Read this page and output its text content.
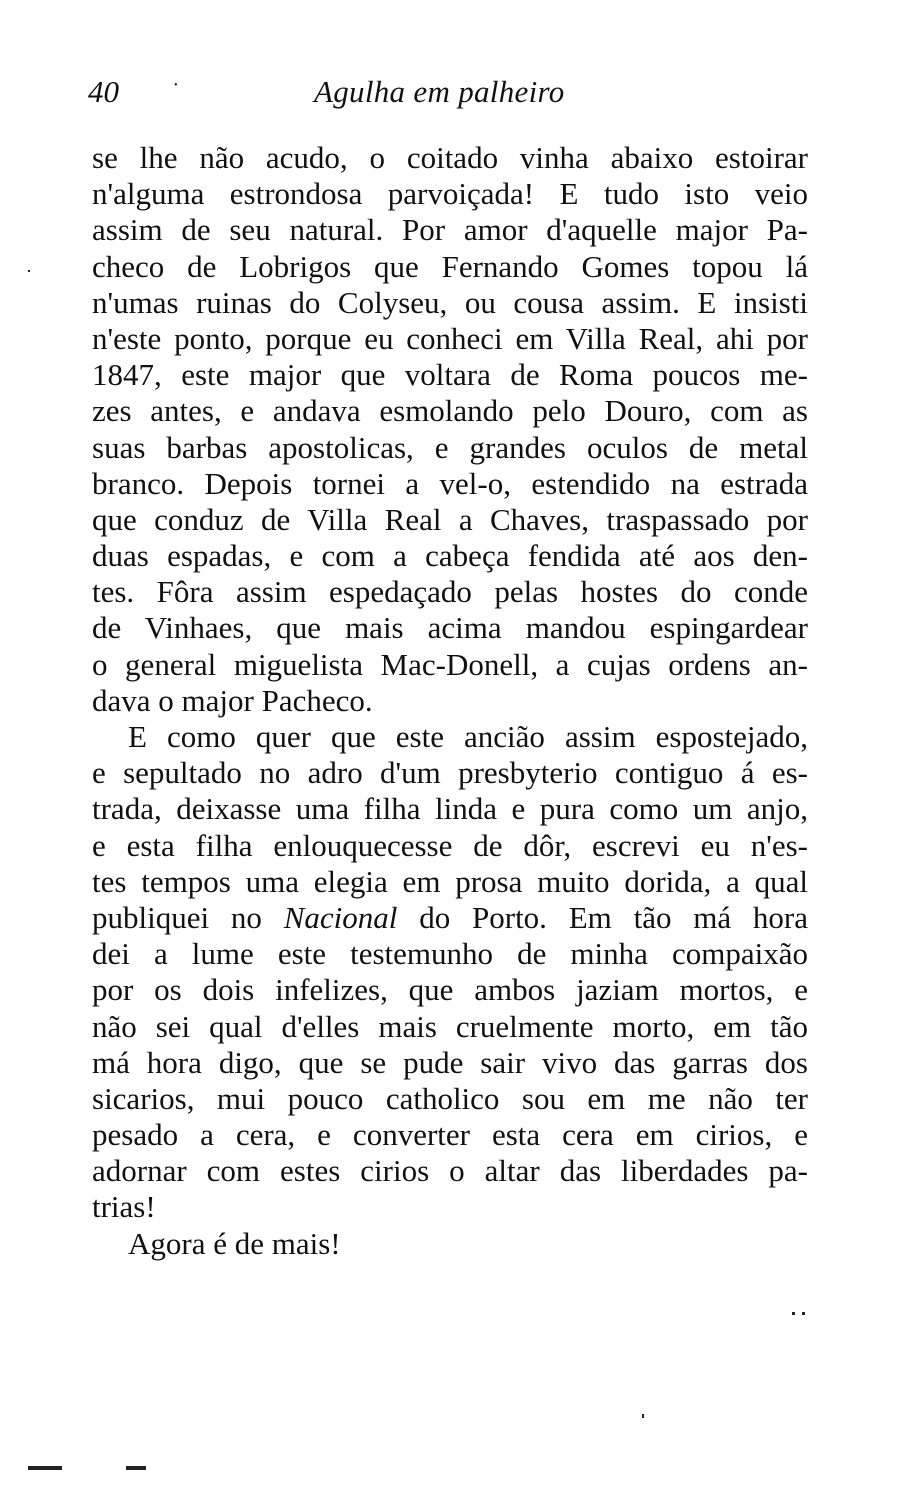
40	·	Agulha em palheiro
se lhe não acudo, o coitado vinha abaixo estoirar
n'alguma estrondosa parvoiçada! E tudo isto veio
assim de seu natural. Por amor d'aquelle major Pa-
checo de Lobrigos que Fernando Gomes topou lá
n'umas ruinas do Colyseu, ou cousa assim. E insisti
n'este ponto, porque eu conheci em Villa Real, ahi por
1847, este major que voltara de Roma poucos me-
zes antes, e andava esmolando pelo Douro, com as
suas barbas apostolicas, e grandes oculos de metal
branco. Depois tornei a vel-o, estendido na estrada
que conduz de Villa Real a Chaves, traspassado por
duas espadas, e com a cabeça fendida até aos den-
tes. Fôra assim espedaçado pelas hostes do conde
de Vinhaes, que mais acima mandou espingardear
o general miguelista Mac-Donell, a cujas ordens an-
dava o major Pacheco.
E como quer que este ancião assim espostejado,
e sepultado no adro d'um presbyterio contiguo á es-
trada, deixasse uma filha linda e pura como um anjo,
e esta filha enlouquecesse de dôr, escrevi eu n'es-
tes tempos uma elegia em prosa muito dorida, a qual
publiquei no Nacional do Porto. Em tão má hora
dei a lume este testemunho de minha compaixão
por os dois infelizes, que ambos jaziam mortos, e
não sei qual d'elles mais cruelmente morto, em tão
má hora digo, que se pude sair vivo das garras dos
sicarios, mui pouco catholico sou em me não ter
pesado a cera, e converter esta cera em cirios, e
adornar com estes cirios o altar das liberdades pa-
trias!
Agora é de mais!
